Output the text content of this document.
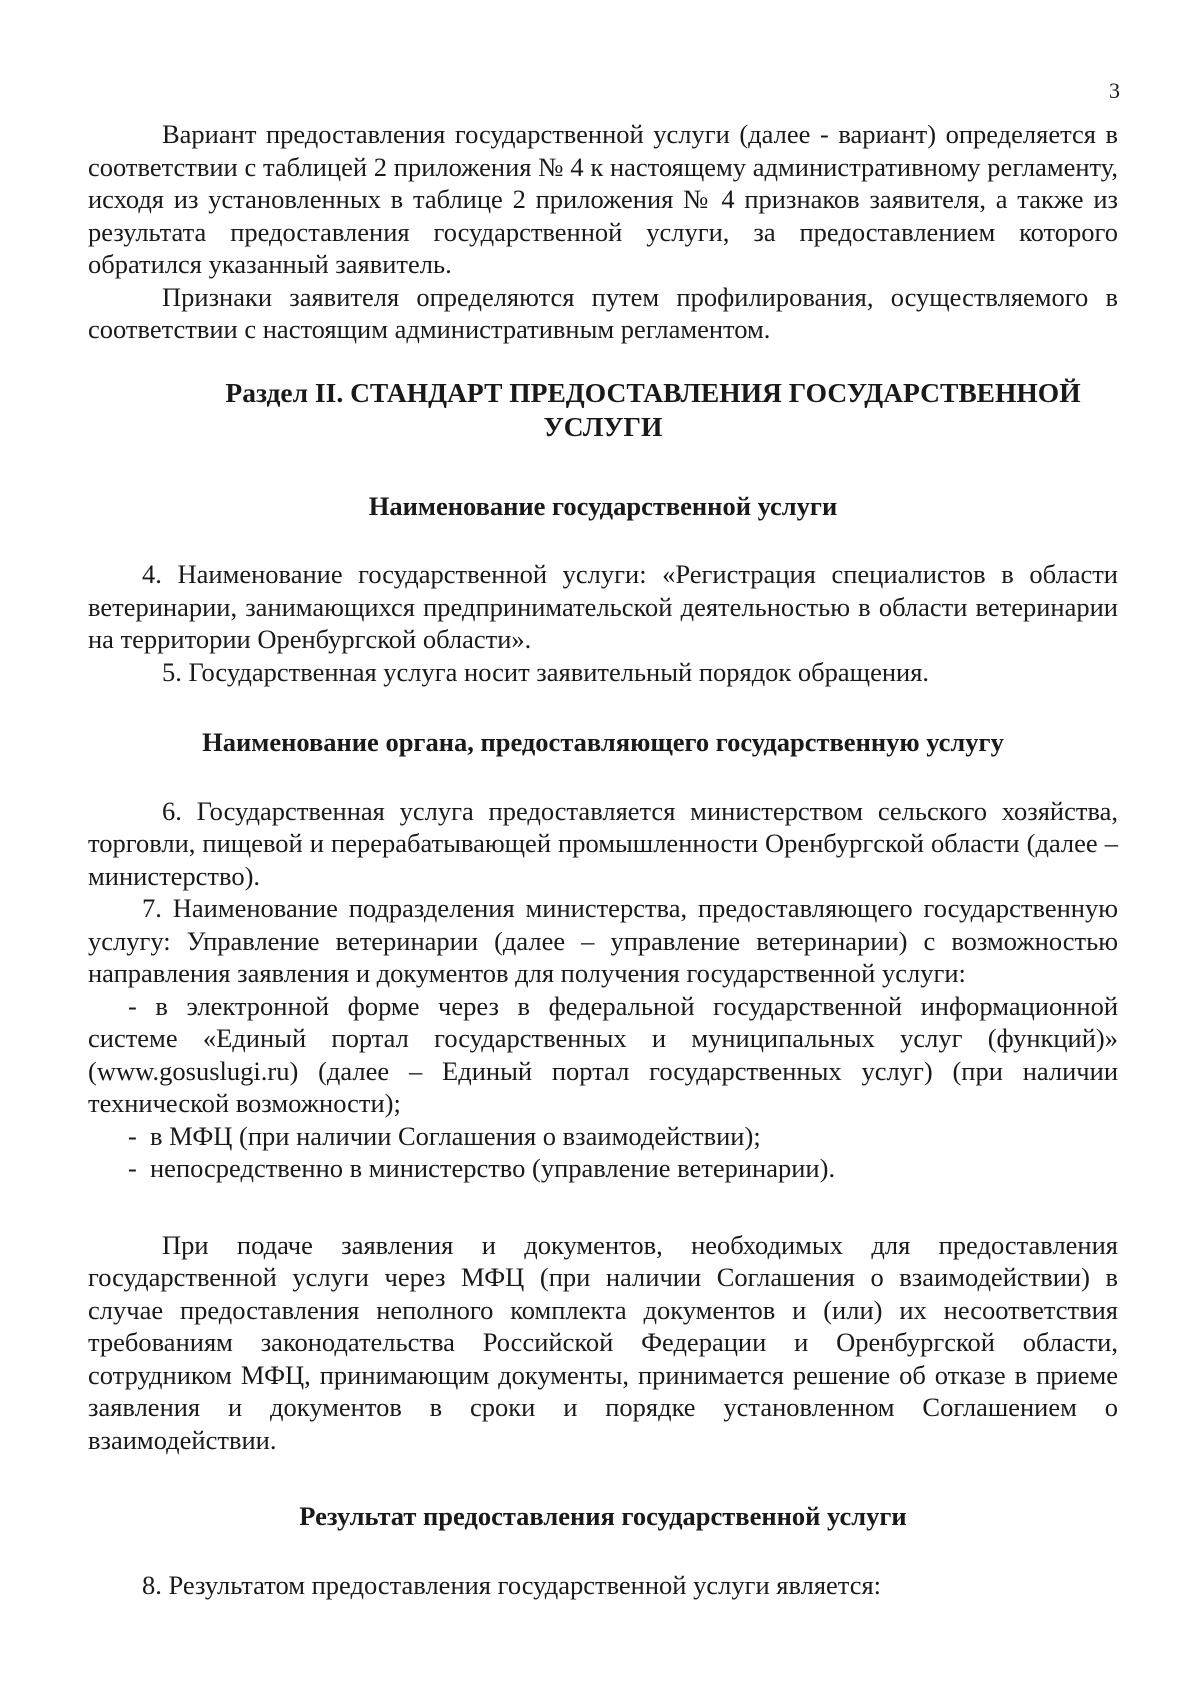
3

Вариант предоставления государственной услуги (далее - вариант) определяется в соответствии с таблицей 2 приложения № 4 к настоящему административному регламенту, исходя из установленных в таблице 2 приложения № 4 признаков заявителя, а также из результата предоставления государственной услуги, за предоставлением которого обратился указанный заявитель.

Признаки заявителя определяются путем профилирования, осуществляемого в соответствии с настоящим административным регламентом.

Раздел II. СТАНДАРТ ПРЕДОСТАВЛЕНИЯ ГОСУДАРСТВЕННОЙ
УСЛУГИ
Наименование государственной услуги

4. Наименование государственной услуги: «Регистрация специалистов в области ветеринарии, занимающихся предпринимательской деятельностью в области ветеринарии на территории Оренбургской области».

5. Государственная услуга носит заявительный порядок обращения.

Наименование органа, предоставляющего государственную услугу

6. Государственная услуга предоставляется министерством сельского хозяйства, торговли, пищевой и перерабатывающей промышленности Оренбургской области (далее – министерство).

7. Наименование подразделения министерства, предоставляющего государственную услугу: Управление ветеринарии (далее – управление ветеринарии) с возможностью направления заявления и документов для получения государственной услуги:

- в электронной форме через в федеральной государственной информационной системе «Единый портал государственных и муниципальных услуг (функций)» (www.gosuslugi.ru) (далее – Единый портал государственных услуг) (при наличии технической возможности);

- в МФЦ (при наличии Соглашения о взаимодействии);
- непосредственно в министерство (управление ветеринарии).

При подаче заявления и документов, необходимых для предоставления государственной услуги через МФЦ (при наличии Соглашения о взаимодействии) в случае предоставления неполного комплекта документов и (или) их несоответствия требованиям законодательства Российской Федерации и Оренбургской области, сотрудником МФЦ, принимающим документы, принимается решение об отказе в приеме заявления и документов в сроки и порядке установленном Соглашением о взаимодействии.

Результат предоставления государственной услуги

8. Результатом предоставления государственной услуги является:
